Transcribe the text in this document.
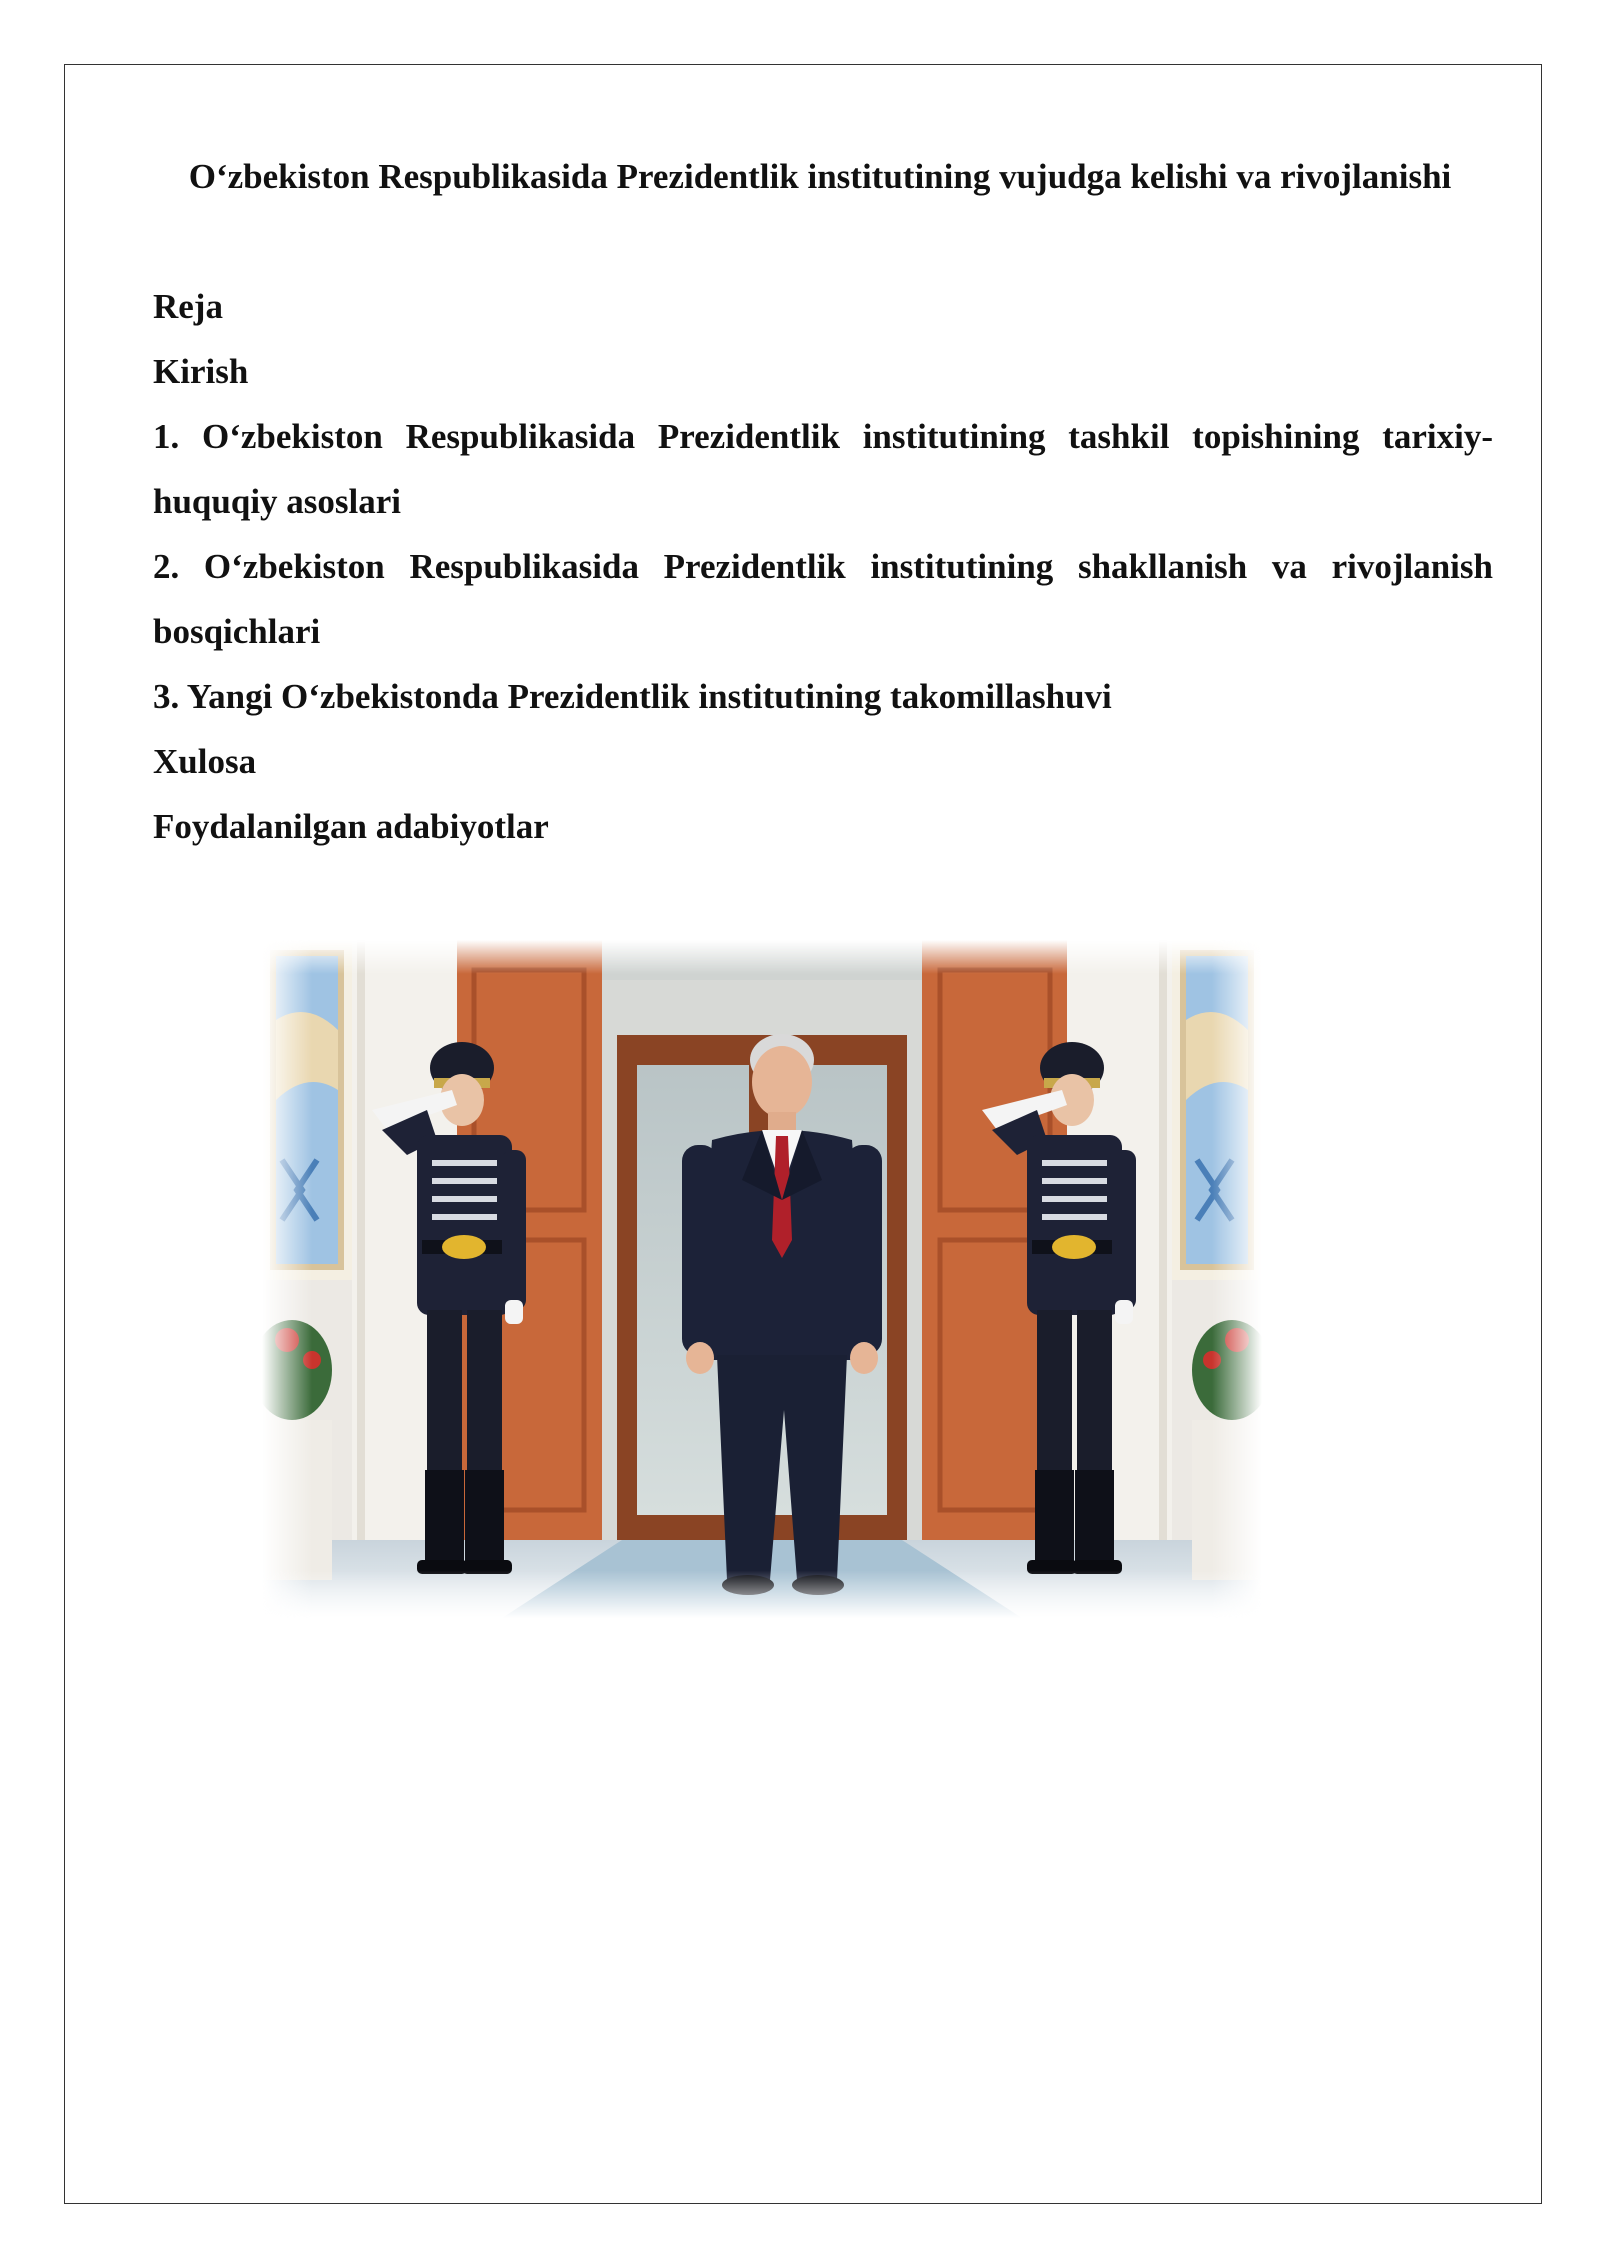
O‘zbekiston Respublikasida Prezidentlik institutining vujudga kelishi va rivojlanishi

Reja

Kirish

1. O‘zbekiston Respublikasida Prezidentlik institutining tashkil topishining tarixiy-huquqiy asoslari

2. O‘zbekiston Respublikasida Prezidentlik institutining shakllanish va rivojlanish bosqichlari

3. Yangi O‘zbekistonda Prezidentlik institutining takomillashuvi

Xulosa

Foydalanilgan adabiyotlar
